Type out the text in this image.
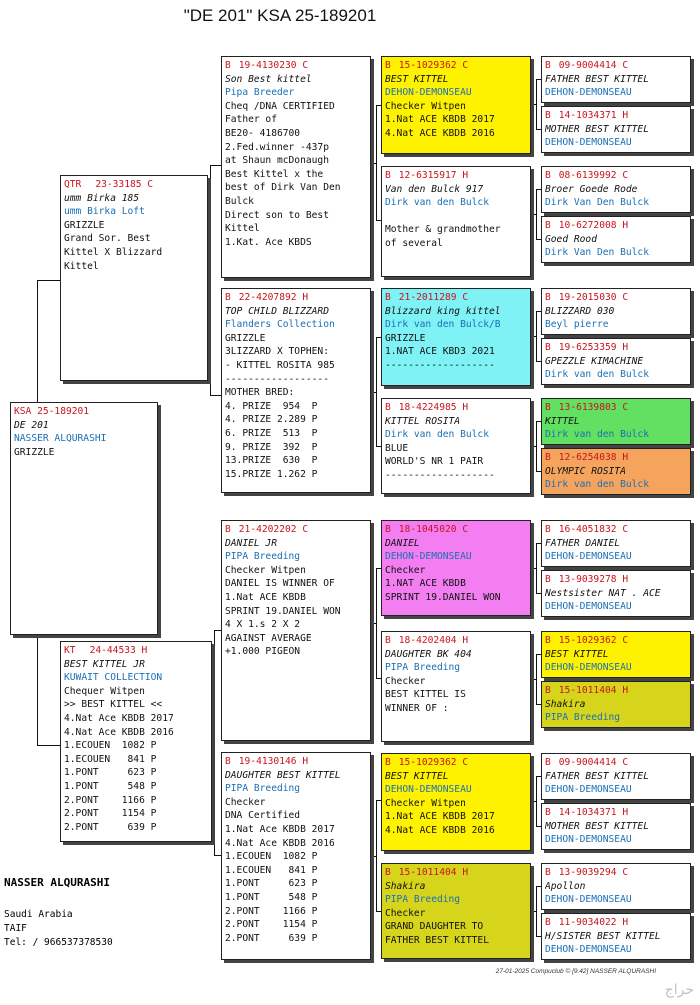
"DE 201" KSA 25-189201
KSA 25-189201
DE 201
NASSER ALQURASHI
GRIZZLE
QTR 23-33185 C
umm Birka 185
umm Birka Loft
GRIZZLE
Grand Sor. Best
Kittel X Blizzard
Kittel
KT 24-44533 H
BEST KITTEL JR
KUWAIT COLLECTION
Chequer Witpen
>> BEST KITTEL <<
4.Nat Ace KBDB 2017
4.Nat Ace KBDB 2016
1.ECOUEN  1082 P
1.ECOUEN   841 P
1.PONT     623 P
1.PONT     548 P
2.PONT    1166 P
2.PONT    1154 P
2.PONT     639 P
B 19-4130230 C
Son Best kittel
Pipa Breeder
Cheq /DNA CERTIFIED
Father of
BE20- 4186700
2.Fed.winner -437p
at Shaun mcDonaugh
Best Kittel x the
best of Dirk Van Den
Bulck
Direct son to Best
Kittel
1.Kat. Ace KBDS
B 22-4207892 H
TOP CHILD BLIZZARD
Flanders Collection
GRIZZLE
3LIZZARD X TOPHEN:
- KITTEL ROSITA 985
------------------
MOTHER BRED:
4. PRIZE  954  P
4. PRIZE 2.289 P
6. PRIZE  513  P
9. PRIZE  392  P
13.PRIZE  630  P
15.PRIZE 1.262 P
B 21-4202202 C
DANIEL JR
PIPA Breeding
Checker Witpen
DANIEL IS WINNER OF
1.Nat ACE KBDB
SPRINT 19.DANIEL WON
4 X 1.s 2 X 2
AGAINST AVERAGE
+1.000 PIGEON
B 19-4130146 H
DAUGHTER BEST KITTEL
PIPA Breeding
Checker
DNA Certified
1.Nat Ace KBDB 2017
4.Nat Ace KBDB 2016
1.ECOUEN  1082 P
1.ECOUEN   841 P
1.PONT     623 P
1.PONT     548 P
2.PONT    1166 P
2.PONT    1154 P
2.PONT     639 P
B 15-1029362 C
BEST KITTEL
DEHON-DEMONSEAU
Checker Witpen
1.Nat ACE KBDB 2017
4.Nat ACE KBDB 2016
B 12-6315917 H
Van den Bulck 917
Dirk van den Bulck

Mother & grandmother
of several
B 21-2011289 C
Blizzard king kittel
Dirk van den Bulck/B
GRIZZLE
1.NAT ACE KBD3 2021
-------------------
B 18-4224985 H
KITTEL ROSITA
Dirk van den Bulck
BLUE
WORLD'S NR 1 PAIR
-------------------
B 18-1045020 C
DANIEL
DEHON-DEMONSEAU
Checker
1.NAT ACE KBDB
SPRINT 19.DANIEL WON
B 18-4202404 H
DAUGHTER BK 404
PIPA Breeding
Checker
BEST KITTEL IS
WINNER OF :
B 15-1029362 C
BEST KITTEL
DEHON-DEMONSEAU
Checker Witpen
1.Nat ACE KBDB 2017
4.Nat ACE KBDB 2016
B 15-1011404 H
Shakira
PIPA Breeding
Checker
GRAND DAUGHTER TO
FATHER BEST KITTEL
B 09-9004414 C
FATHER BEST KITTEL
DEHON-DEMONSEAU
B 14-1034371 H
MOTHER BEST KITTEL
DEHON-DEMONSEAU
B 08-6139992 C
Broer Goede Rode
Dirk Van Den Bulck
B 10-6272008 H
Goed Rood
Dirk Van Den Bulck
B 19-2015030 C
BLIZZARD 030
Beyl pierre
B 19-6253359 H
GPEZZLE KIMACHINE
Dirk van den Bulck
B 13-6139803 C
KITTEL
Dirk van den Bulck
B 12-6254038 H
OLYMPIC ROSITA
Dirk van den Bulck
B 16-4051832 C
FATHER DANIEL
DEHON-DEMONSEAU
B 13-9039278 H
Nestsister NAT . ACE
DEHON-DEMONSEAU
B 15-1029362 C
BEST KITTEL
DEHON-DEMONSEAU
B 15-1011404 H
Shakira
PIPA Breeding
B 09-9004414 C
FATHER BEST KITTEL
DEHON-DEMONSEAU
B 14-1034371 H
MOTHER BEST KITTEL
DEHON-DEMONSEAU
B 13-9039294 C
Apollon
DEHON-DEMONSEAU
B 11-9034022 H
H/SISTER BEST KITTEL
DEHON-DEMONSEAU
NASSER ALQURASHI
Saudi Arabia
TAIF
Tel: / 966537378530
27-01-2025 Compuclub © [9.42] NASSER ALQURASHI
حراج
